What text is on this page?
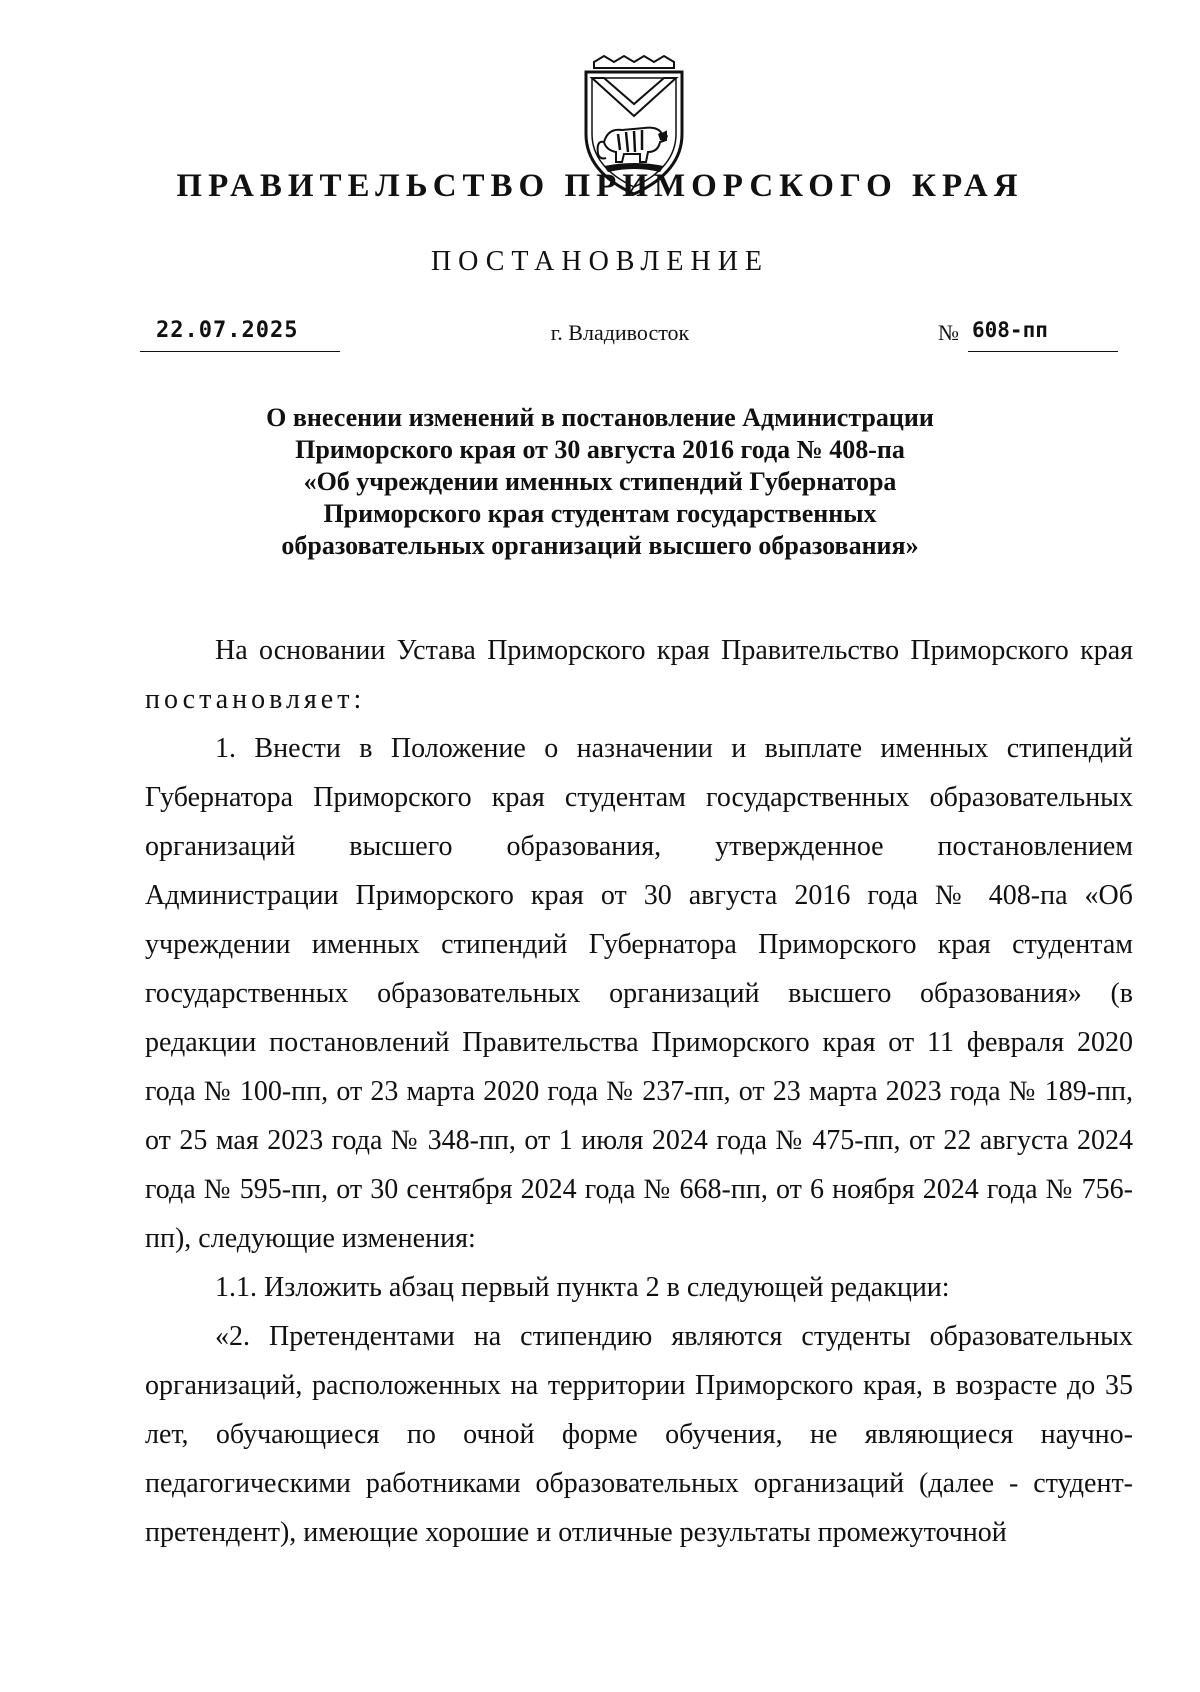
ПРАВИТЕЛЬСТВО ПРИМОРСКОГО КРАЯ
ПОСТАНОВЛЕНИЕ
22.07.2025	г. Владивосток	№ 608-пп
О внесении изменений в постановление Администрации
Приморского края от 30 августа 2016 года № 408-па
«Об учреждении именных стипендий Губернатора
Приморского края студентам государственных
образовательных организаций высшего образования»

На основании Устава Приморского края Правительство Приморского края постановляет:

1. Внести в Положение о назначении и выплате именных стипендий Губернатора Приморского края студентам государственных образовательных организаций высшего образования, утвержденное постановлением Администрации Приморского края от 30 августа 2016 года № 408-па «Об учреждении именных стипендий Губернатора Приморского края студентам государственных образовательных организаций высшего образования» (в редакции постановлений Правительства Приморского края от 11 февраля 2020 года № 100-пп, от 23 марта 2020 года № 237-пп, от 23 марта 2023 года № 189-пп, от 25 мая 2023 года № 348-пп, от 1 июля 2024 года № 475-пп, от 22 августа 2024 года № 595-пп, от 30 сентября 2024 года № 668-пп, от 6 ноября 2024 года № 756-пп), следующие изменения:

1.1. Изложить абзац первый пункта 2 в следующей редакции:

«2. Претендентами на стипендию являются студенты образовательных организаций, расположенных на территории Приморского края, в возрасте до 35 лет, обучающиеся по очной форме обучения, не являющиеся научно-педагогическими работниками образовательных организаций (далее - студент-претендент), имеющие хорошие и отличные результаты промежуточной
